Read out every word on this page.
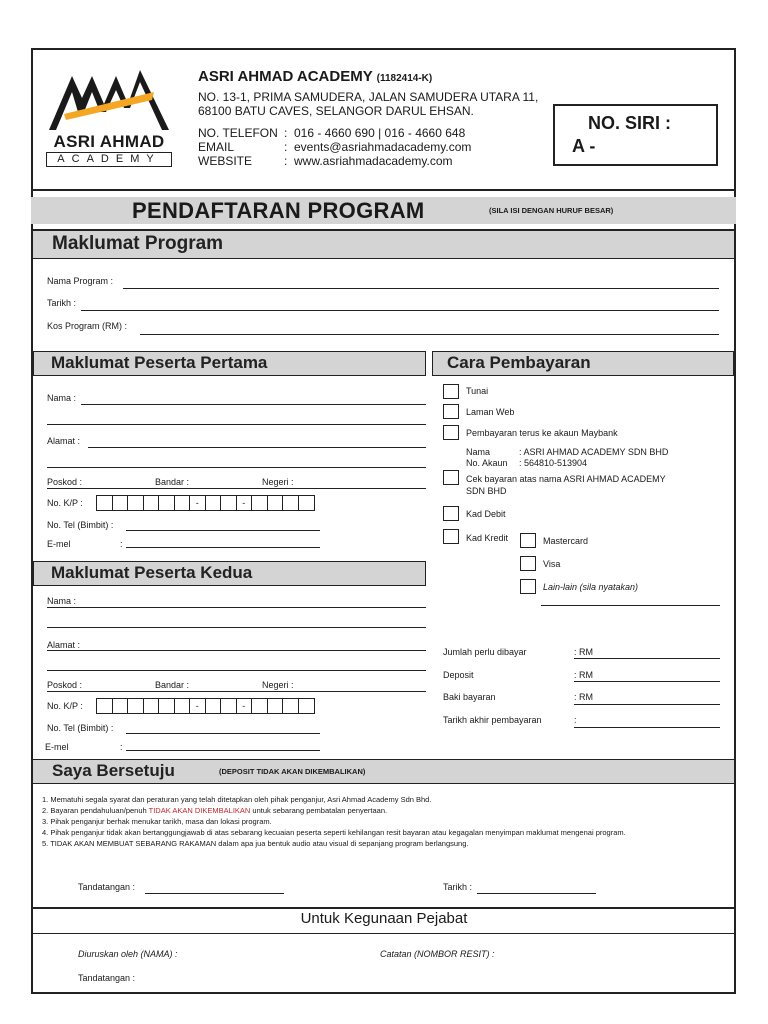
ASRI AHMAD
ACADEMY
ASRI AHMAD ACADEMY (1182414-K)
NO. 13-1, PRIMA SAMUDERA, JALAN SAMUDERA UTARA 11,
68100 BATU CAVES, SELANGOR DARUL EHSAN.
NO. TELEFON : 016 - 4660 690 | 016 - 4660 648
EMAIL	: events@asriahmadacademy.com
WEBSITE	: www.asriahmadacademy.com
NO. SIRI :
A -
PENDAFTARAN PROGRAM	(SILA ISI DENGAN HURUF BESAR)
Maklumat Program
Nama Program :
Tarikh :
Kos Program (RM) :
Maklumat Peserta Pertama
Nama :
Alamat :
Poskod :	Bandar :	Negeri :
No. K/P :	-	-
No. Tel (Bimbit) :
E-mel	:
Maklumat Peserta Kedua
Nama :
Alamat :
Poskod :	Bandar :	Negeri :
No. K/P :	-	-
No. Tel (Bimbit) :
E-mel	:
Cara Pembayaran
Tunai
Laman Web
Pembayaran terus ke akaun Maybank
Nama	: ASRI AHMAD ACADEMY SDN BHD
No. Akaun : 564810-513904
Cek bayaran atas nama ASRI AHMAD ACADEMY
SDN BHD
Kad Debit
Kad Kredit	Mastercard
Visa
Lain-lain (sila nyatakan)
Jumlah perlu dibayar	: RM
Deposit	: RM
Baki bayaran	: RM
Tarikh akhir pembayaran	:
Saya Bersetuju	(DEPOSIT TIDAK AKAN DIKEMBALIKAN)
1. Mematuhi segala syarat dan peraturan yang telah ditetapkan oleh pihak penganjur, Asri Ahmad Academy Sdn Bhd.
2. Bayaran pendahuluan/penuh TIDAK AKAN DIKEMBALIKAN untuk sebarang pembatalan penyertaan.
3. Pihak penganjur berhak menukar tarikh, masa dan lokasi program.
4. Pihak penganjur tidak akan bertanggungjawab di atas sebarang kecuaian peserta seperti kehilangan resit bayaran atau kegagalan menyimpan maklumat mengenai program.
5. TIDAK AKAN MEMBUAT SEBARANG RAKAMAN dalam apa jua bentuk audio atau visual di sepanjang program berlangsung.
Tandatangan :	Tarikh :
Untuk Kegunaan Pejabat
Diuruskan oleh (NAMA) :	Catatan (NOMBOR RESIT) :
Tandatangan :
